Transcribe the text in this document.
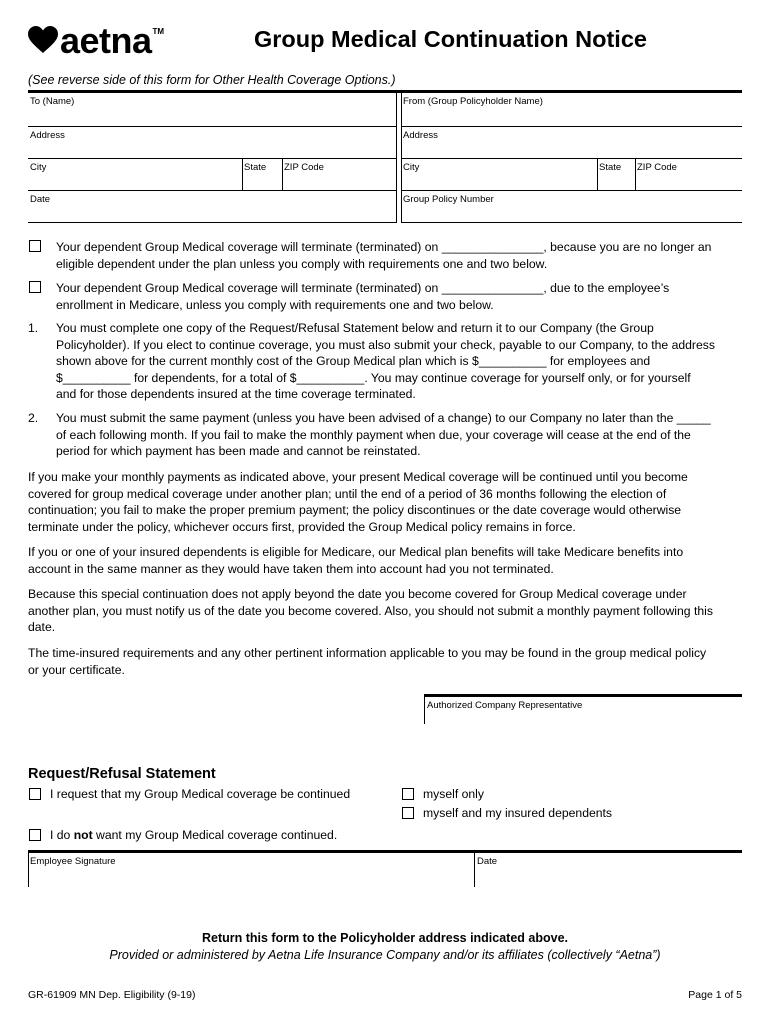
aetna TM	Group Medical Continuation Notice
(See reverse side of this form for Other Health Coverage Options.)
To (Name)	From (Group Policyholder Name)
Address	Address
City	State ZIP Code	City	State ZIP Code
Date	Group Policy Number
Your dependent Group Medical coverage will terminate (terminated) on _______________, because you are no longer an
eligible dependent under the plan unless you comply with requirements one and two below.
Your dependent Group Medical coverage will terminate (terminated) on _______________, due to the employee’s
enrollment in Medicare, unless you comply with requirements one and two below.
1. You must complete one copy of the Request/Refusal Statement below and return it to our Company (the Group
Policyholder). If you elect to continue coverage, you must also submit your check, payable to our Company, to the address
shown above for the current monthly cost of the Group Medical plan which is $__________ for employees and
$__________ for dependents, for a total of $__________. You may continue coverage for yourself only, or for yourself
and for those dependents insured at the time coverage terminated.
2. You must submit the same payment (unless you have been advised of a change) to our Company no later than the _____
of each following month. If you fail to make the monthly payment when due, your coverage will cease at the end of the
period for which payment has been made and cannot be reinstated.
If you make your monthly payments as indicated above, your present Medical coverage will be continued until you become
covered for group medical coverage under another plan; until the end of a period of 36 months following the election of
continuation; you fail to make the proper premium payment; the policy discontinues or the date coverage would otherwise
terminate under the policy, whichever occurs first, provided the Group Medical policy remains in force.
If you or one of your insured dependents is eligible for Medicare, our Medical plan benefits will take Medicare benefits into
account in the same manner as they would have taken them into account had you not terminated.
Because this special continuation does not apply beyond the date you become covered for Group Medical coverage under
another plan, you must notify us of the date you become covered. Also, you should not submit a monthly payment following this
date.
The time-insured requirements and any other pertinent information applicable to you may be found in the group medical policy
or your certificate.
Authorized Company Representative
Request/Refusal Statement
I request that my Group Medical coverage be continued	myself only
myself and my insured dependents
I do not want my Group Medical coverage continued.
Employee Signature	Date
Return this form to the Policyholder address indicated above.
Provided or administered by Aetna Life Insurance Company and/or its affiliates (collectively “Aetna”)
GR-61909 MN Dep. Eligibility (9-19)	Page 1 of 5
